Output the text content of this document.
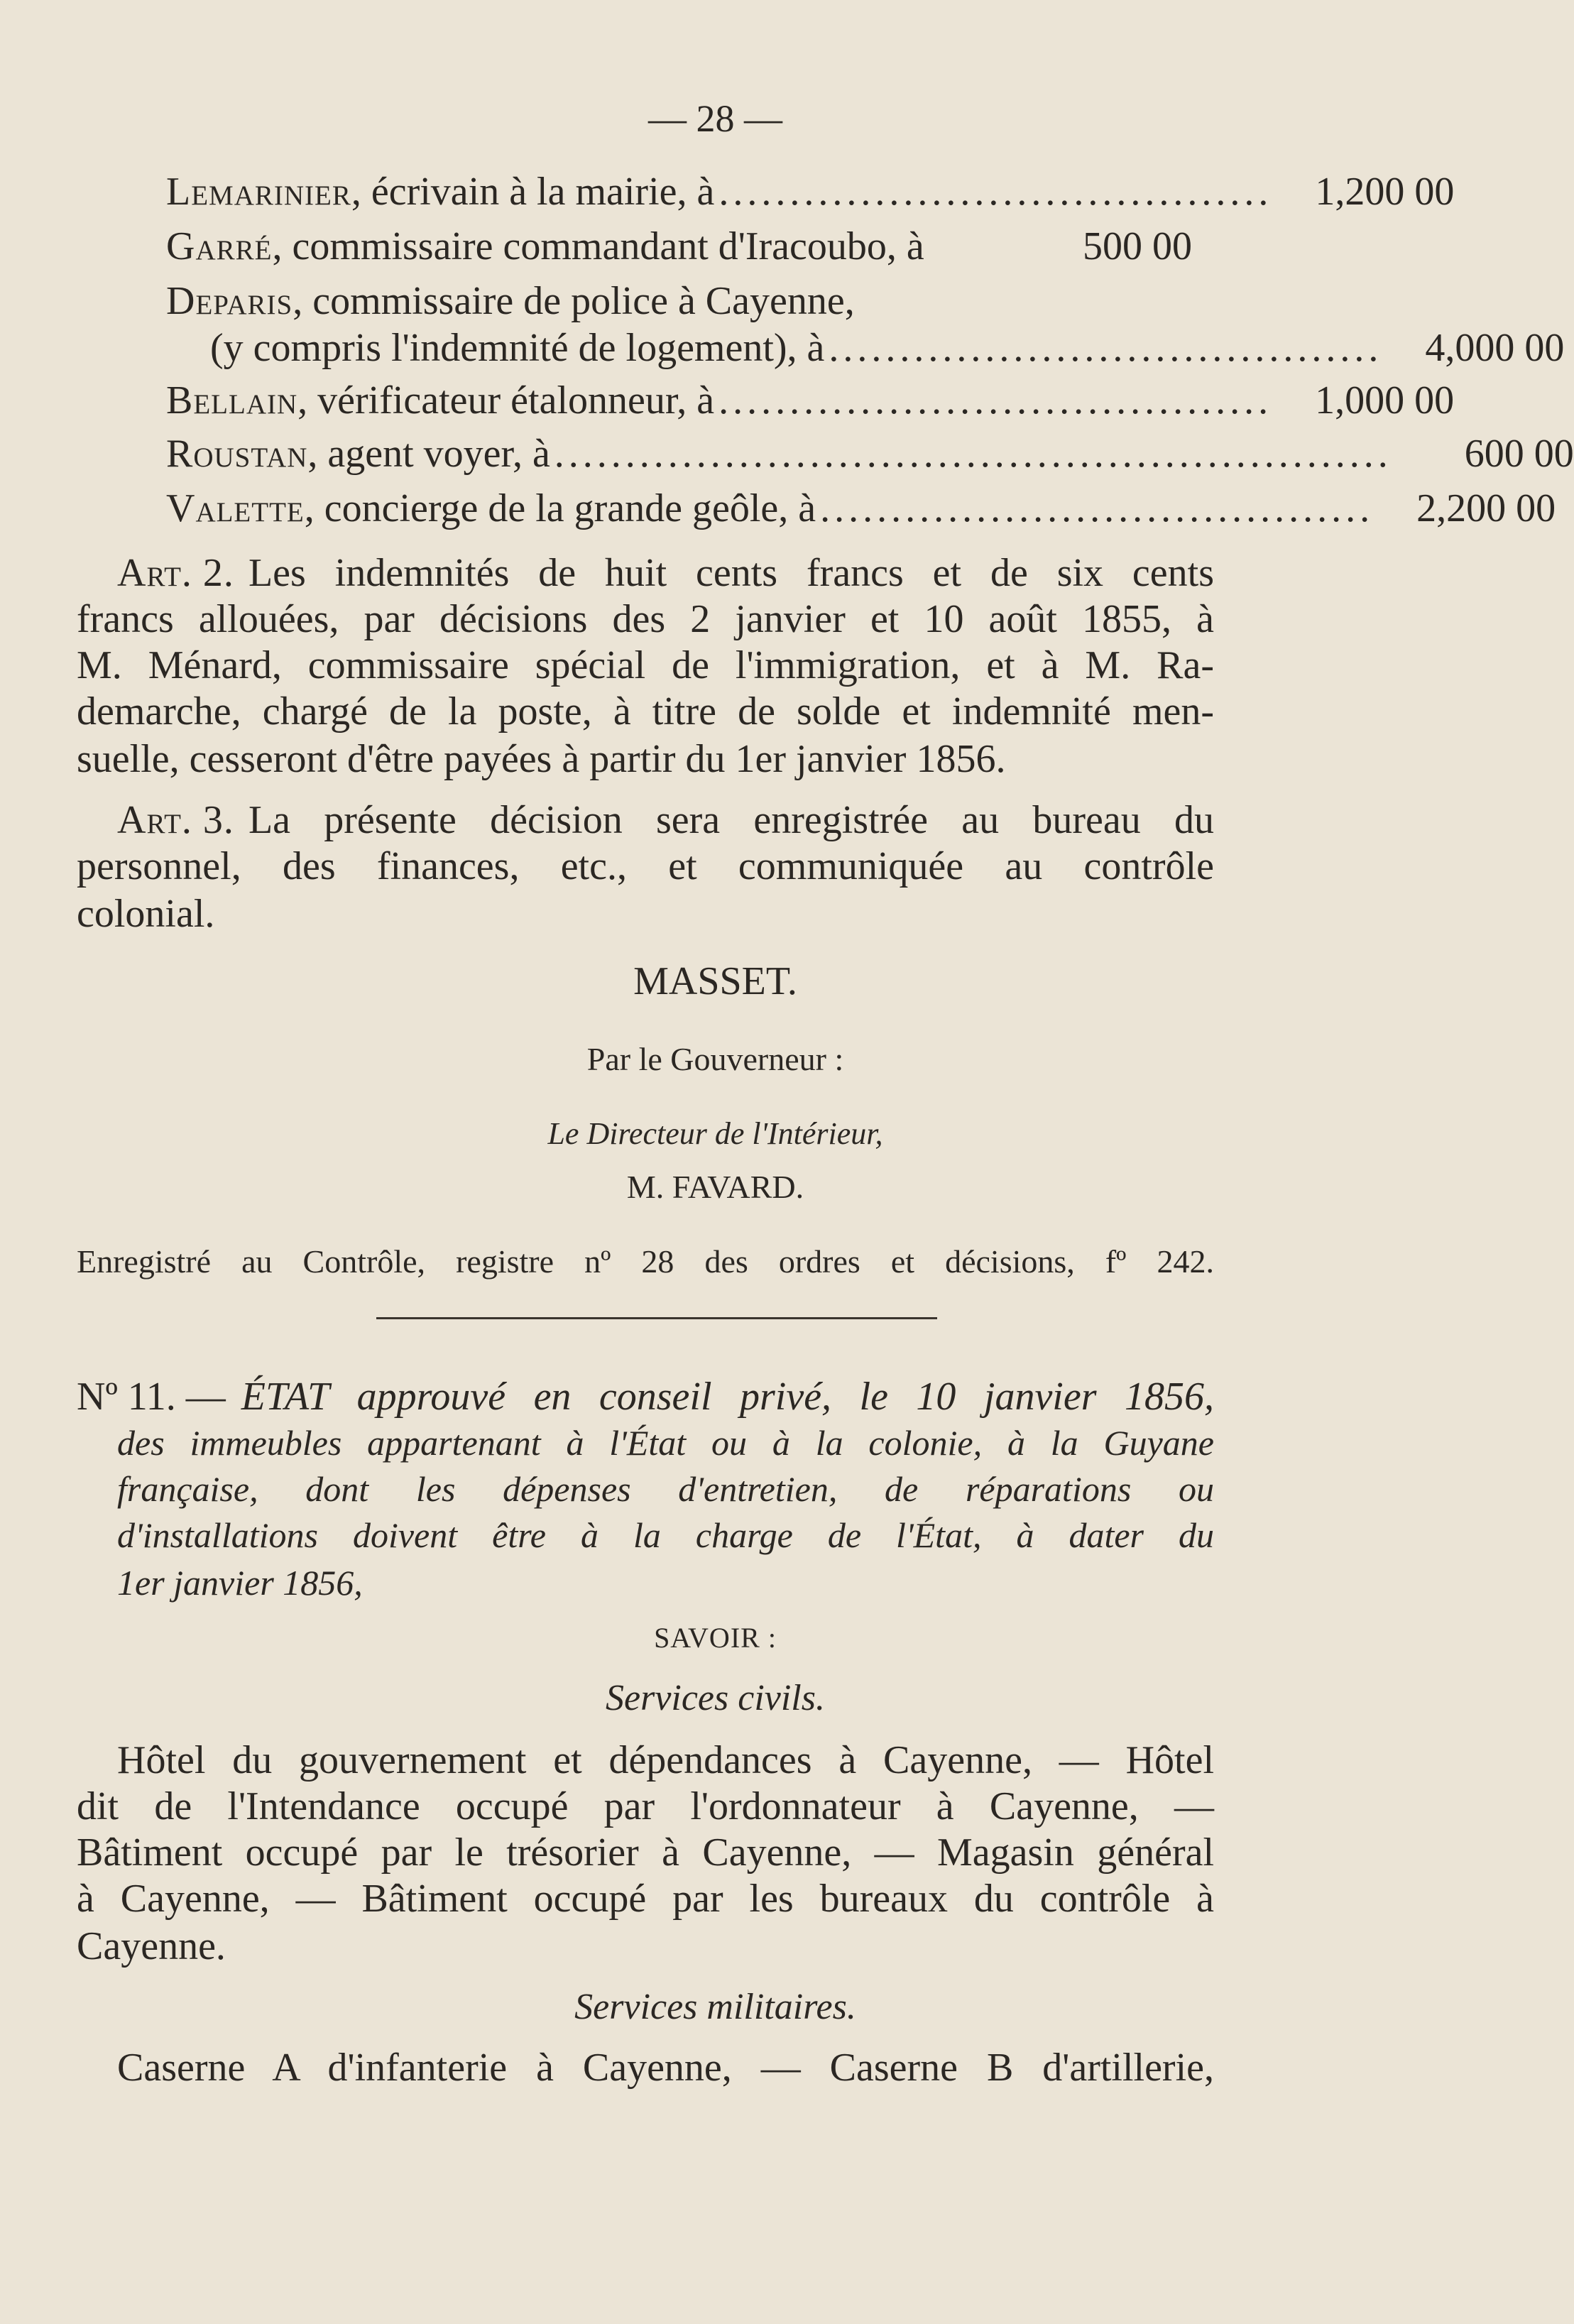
— 28 —
Lemarinier, écrivain à la mairie, à .......................................	1,200 00
Garré, commissaire commandant d'Iracoubo, à	500 00
Deparis, commissaire de police à Cayenne,
(y compris l'indemnité de logement), à .......................................	4,000 00
Bellain, vérificateur étalonneur, à .......................................	1,000 00
Roustan, agent voyer, à ...........................................................	600 00
Valette, concierge de la grande geôle, à .......................................	2,200 00
Art. 2. Les indemnités de huit cents francs et de six cents
francs allouées, par décisions des 2 janvier et 10 août 1855, à
M. Ménard, commissaire spécial de l'immigration, et à M. Ra-
demarche, chargé de la poste, à titre de solde et indemnité men-
suelle, cesseront d'être payées à partir du 1er janvier 1856.
Art. 3. La présente décision sera enregistrée au bureau du
personnel, des finances, etc., et communiquée au contrôle
colonial.
MASSET.
Par le Gouverneur :
Le Directeur de l'Intérieur,
M. FAVARD.
Enregistré au Contrôle, registre nº 28 des ordres et décisions, fº 242.
Nº 11. — ÉTAT approuvé en conseil privé, le 10 janvier 1856,
des immeubles appartenant à l'État ou à la colonie, à la Guyane
française, dont les dépenses d'entretien, de réparations ou
d'installations doivent être à la charge de l'État, à dater du
1er janvier 1856,
SAVOIR :
Services civils.
Hôtel du gouvernement et dépendances à Cayenne, — Hôtel
dit de l'Intendance occupé par l'ordonnateur à Cayenne, —
Bâtiment occupé par le trésorier à Cayenne, — Magasin général
à Cayenne, — Bâtiment occupé par les bureaux du contrôle à
Cayenne.
Services militaires.
Caserne A d'infanterie à Cayenne, — Caserne B d'artillerie,
